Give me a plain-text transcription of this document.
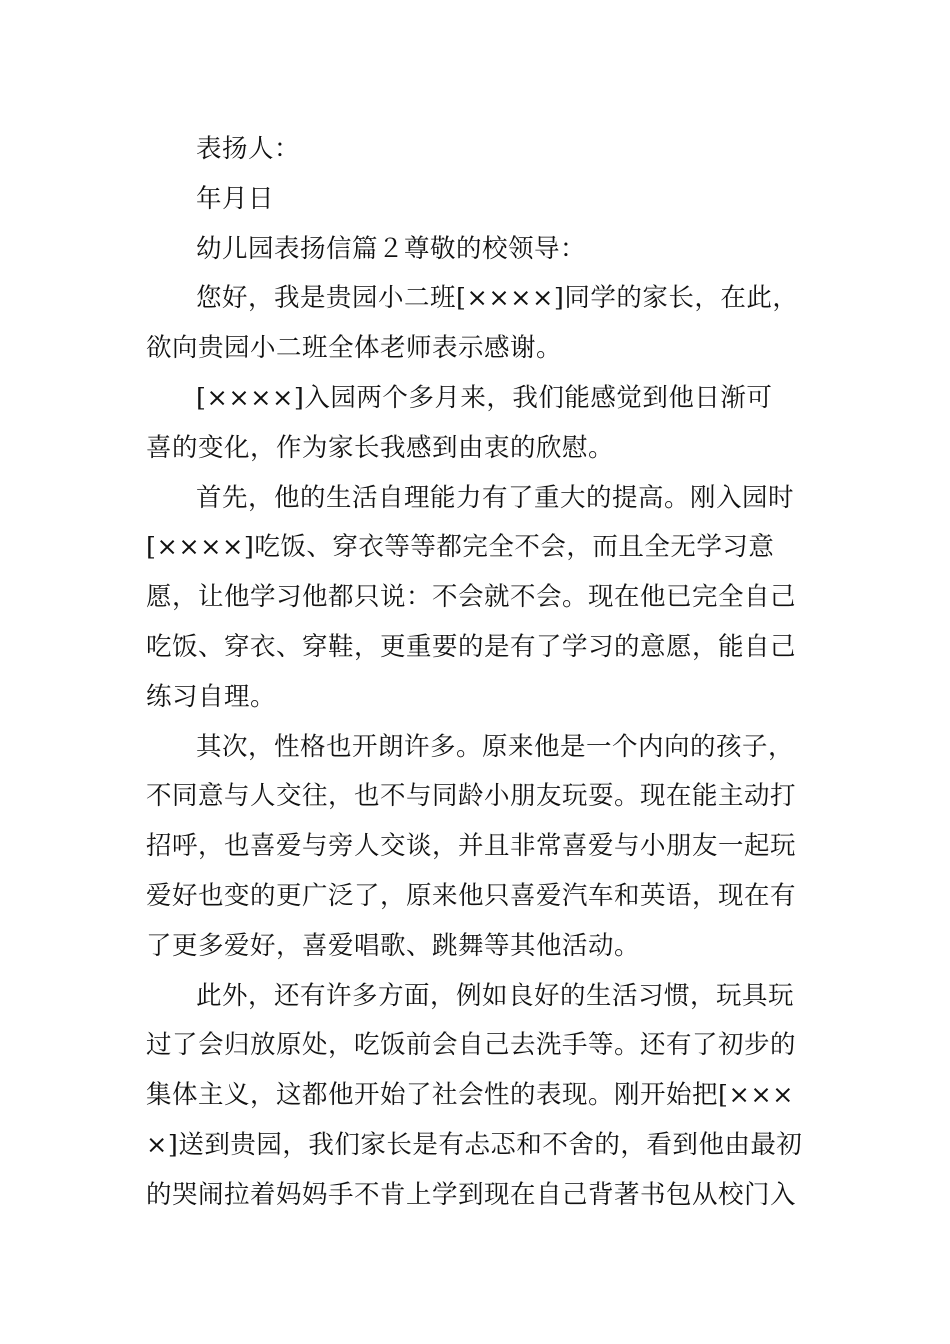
表扬人：
年月日
幼儿园表扬信篇２尊敬的校领导：
您好，我是贵园小二班[××××]同学的家长，在此，
欲向贵园小二班全体老师表示感谢。
[××××]入园两个多月来，我们能感觉到他日渐可
喜的变化，作为家长我感到由衷的欣慰。
首先，他的生活自理能力有了重大的提高。刚入园时
[××××]吃饭、穿衣等等都完全不会，而且全无学习意
愿，让他学习他都只说：不会就不会。现在他已完全自己
吃饭、穿衣、穿鞋，更重要的是有了学习的意愿，能自己
练习自理。
其次，性格也开朗许多。原来他是一个内向的孩子，
不同意与人交往，也不与同龄小朋友玩耍。现在能主动打
招呼，也喜爱与旁人交谈，并且非常喜爱与小朋友一起玩
爱好也变的更广泛了，原来他只喜爱汽车和英语，现在有
了更多爱好，喜爱唱歌、跳舞等其他活动。
此外，还有许多方面，例如良好的生活习惯，玩具玩
过了会归放原处，吃饭前会自己去洗手等。还有了初步的
集体主义，这都他开始了社会性的表现。刚开始把[×××
×]送到贵园，我们家长是有忐忑和不舍的，看到他由最初
的哭闹拉着妈妈手不肯上学到现在自己背著书包从校门入
